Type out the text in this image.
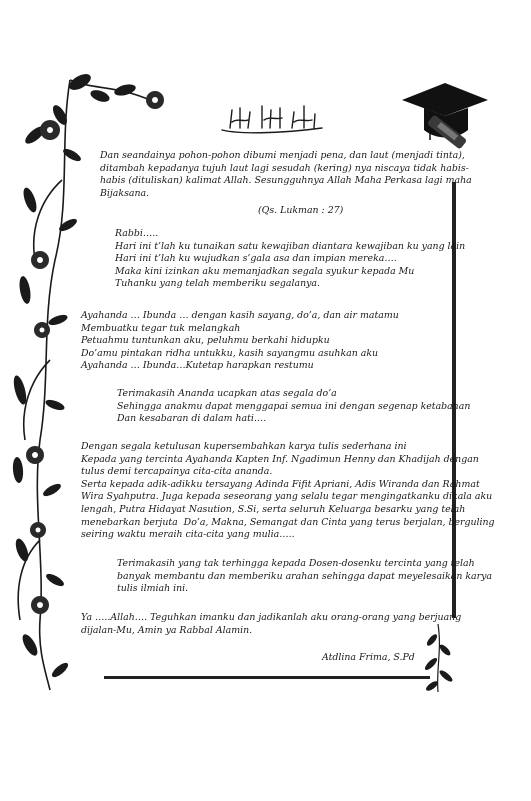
Dan seandainya pohon-pohon dibumi menjadi pena, dan laut (menjadi tinta),
ditambah kepadanya tujuh laut lagi sesudah (kering) nya niscaya tidak habis-
habis (dituliskan) kalimat Allah. Sesungguhnya Allah Maha Perkasa lagi maha
Bijaksana.

(Qs. Lukman : 27)

Rabbi…..
Hari ini t’lah ku tunaikan satu kewajiban diantara kewajiban ku yang lain
Hari ini t’lah ku wujudkan s’gala asa dan impian mereka….
Maka kini izinkan aku memanjadkan segala syukur kepada Mu
Tuhanku yang telah memberiku segalanya.

Ayahanda … Ibunda … dengan kasih sayang, do’a, dan air matamu
Membuatku tegar tuk melangkah
Petuahmu tuntunkan aku, peluhmu berkahi hidupku
Do’amu pintakan ridha untukku, kasih sayangmu asuhkan aku
Ayahanda … Ibunda…Kutetap harapkan restumu

Terimakasih Ananda ucapkan atas segala do’a
Sehingga anakmu dapat menggapai semua ini dengan segenap ketabahan
Dan kesabaran di dalam hati….

Dengan segala ketulusan kupersembahkan karya tulis sederhana ini
Kepada yang tercinta Ayahanda Kapten Inf. Ngadimun Henny dan Khadijah dengan
tulus demi tercapainya cita-cita ananda.
Serta kepada adik-adikku tersayang Adinda Fifit Apriani, Adis Wiranda dan Rahmat
Wira Syahputra. Juga kepada seseorang yang selalu tegar mengingatkanku dikala aku
lengah, Putra Hidayat Nasution, S.Si, serta seluruh Keluarga besarku yang telah
menebarkan berjuta  Do’a, Makna, Semangat dan Cinta yang terus berjalan, berguling
seiring waktu meraih cita-cita yang mulia…..

Terimakasih yang tak terhingga kepada Dosen-dosenku tercinta yang telah
banyak membantu dan memberiku arahan sehingga dapat meyelesaikan karya
tulis ilmiah ini.

Ya …..Allah…. Teguhkan imanku dan jadikanlah aku orang-orang yang berjuang
dijalan-Mu, Amin ya Rabbal Alamin.

Atdlina Frima, S.Pd
